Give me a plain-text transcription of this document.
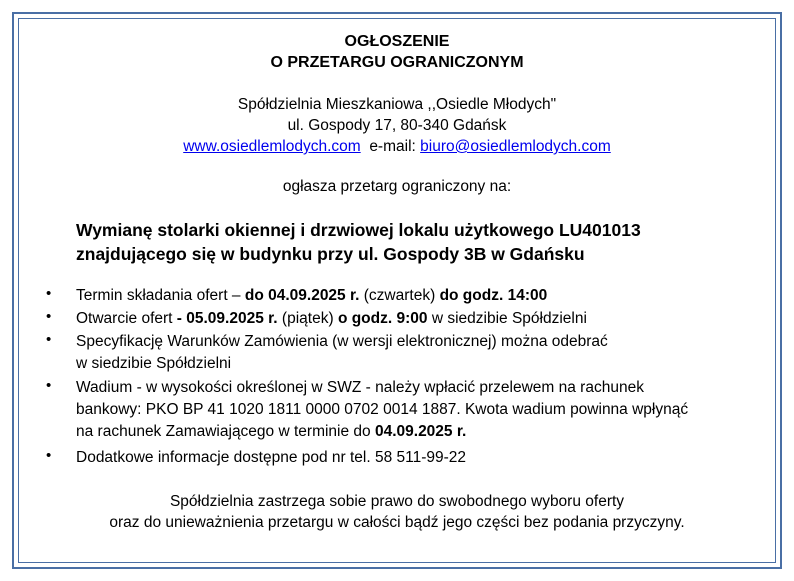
OGŁOSZENIE
O PRZETARGU OGRANICZONYM
Spółdzielnia Mieszkaniowa ,,Osiedle Młodych"
ul. Gospody 17, 80-340 Gdańsk
www.osiedlemlodych.com e-mail: biuro@osiedlemlodych.com
ogłasza przetarg ograniczony na:
Wymianę stolarki okiennej i drzwiowej lokalu użytkowego LU401013
znajdującego się w budynku przy ul. Gospody 3B w Gdańsku
• Termin składania ofert – do 04.09.2025 r. (czwartek) do godz. 14:00
• Otwarcie ofert - 05.09.2025 r. (piątek) o godz. 9:00 w siedzibie Spółdzielni
• Specyfikację Warunków Zamówienia (w wersji elektronicznej) można odebrać
w siedzibie Spółdzielni
• Wadium - w wysokości określonej w SWZ - należy wpłacić przelewem na rachunek
bankowy: PKO BP 41 1020 1811 0000 0702 0014 1887. Kwota wadium powinna wpłynąć
na rachunek Zamawiającego w terminie do 04.09.2025 r.
• Dodatkowe informacje dostępne pod nr tel. 58 511-99-22
Spółdzielnia zastrzega sobie prawo do swobodnego wyboru oferty
oraz do unieważnienia przetargu w całości bądź jego części bez podania przyczyny.
